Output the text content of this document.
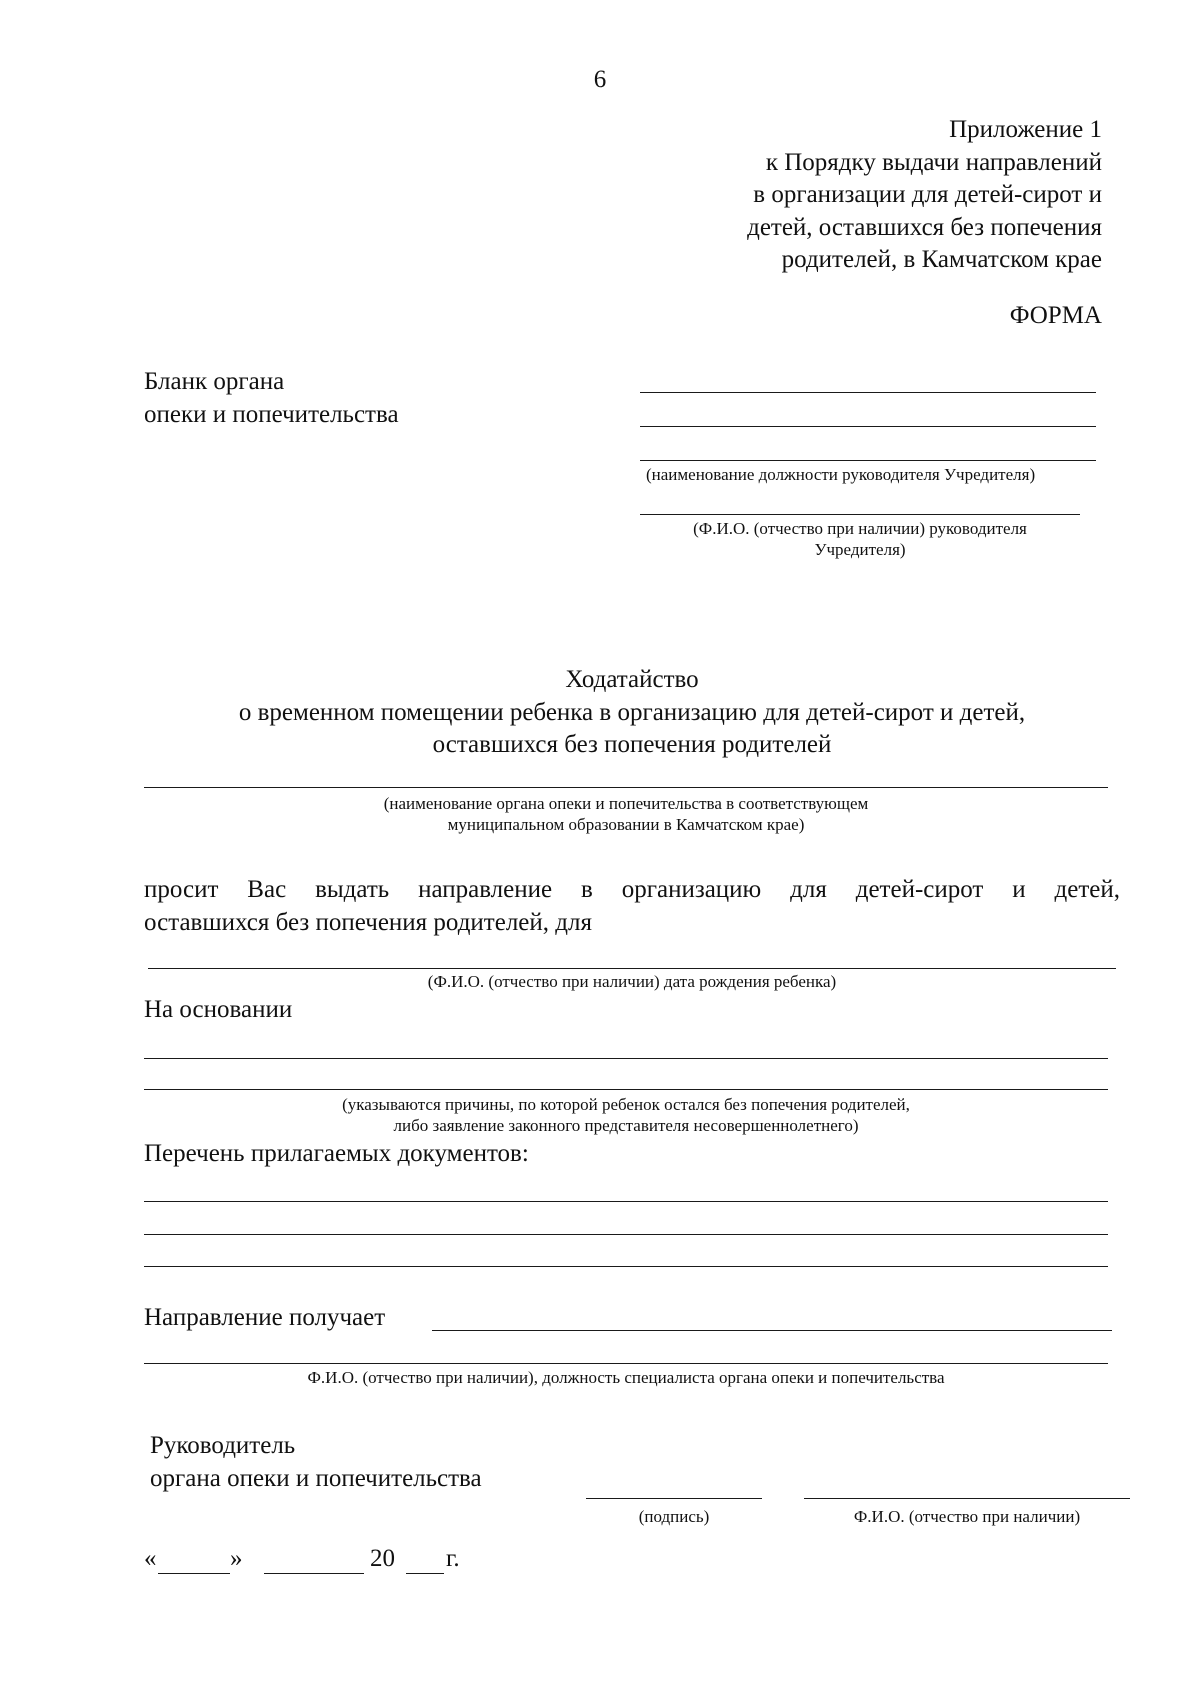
6
Приложение 1
к Порядку выдачи направлений
в организации для детей-сирот и
детей, оставшихся без попечения
родителей, в Камчатском крае
ФОРМА
Бланк органа
опеки и попечительства
(наименование должности руководителя Учредителя)
(Ф.И.О. (отчество при наличии) руководителя
Учредителя)
Ходатайство
о временном помещении ребенка в организацию для детей-сирот и детей,
оставшихся без попечения родителей
(наименование органа опеки и попечительства в соответствующем
муниципальном образовании в Камчатском крае)
просит Вас выдать направление в организацию для детей-сирот и детей,
оставшихся без попечения родителей, для
(Ф.И.О. (отчество при наличии) дата рождения ребенка)
На основании
(указываются причины, по которой ребенок остался без попечения родителей,
либо заявление законного представителя несовершеннолетнего)
Перечень прилагаемых документов:
Направление получает
Ф.И.О. (отчество при наличии), должность специалиста органа опеки и попечительства
Руководитель
органа опеки и попечительства
(подпись)	Ф.И.О. (отчество при наличии)
«	»	20 г.
